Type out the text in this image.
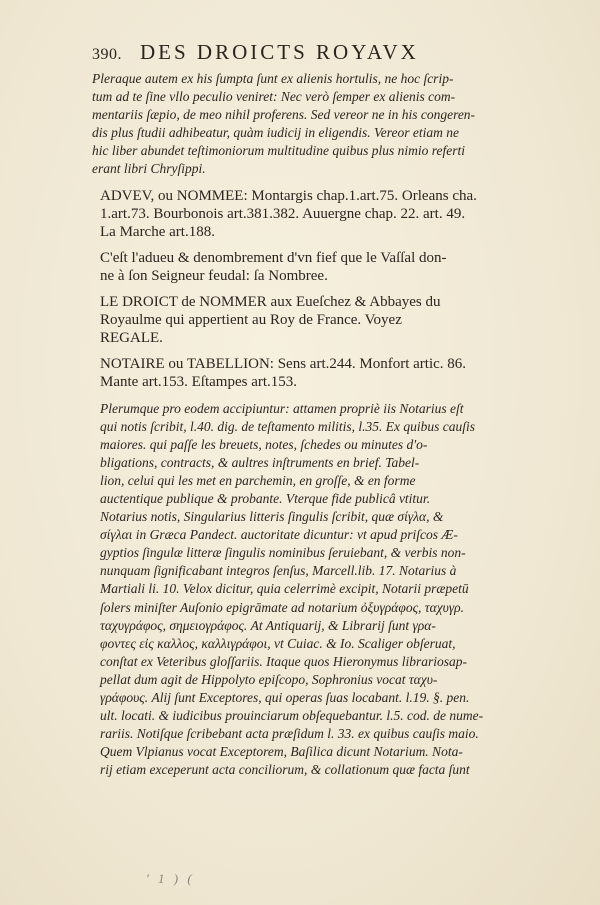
390. DES DROICTS ROYAVX

Pleraque autem ex his ſumpta ſunt ex alienis hortulis, ne hoc ſcrip-

tum ad te ſine vllo peculio veniret: Nec verò ſemper ex alienis com-

mentariis ſæpio, de meo nihil proferens. Sed vereor ne in his congeren-

dis plus ſtudii adhibeatur, quàm iudicij in eligendis. Vereor etiam ne

hic liber abundet teſtimoniorum multitudine quibus plus nimio referti

erant libri Chryſippi.

ADVEV, ou NOMMEE: Montargis chap.1.art.75. Orleans cha.

1.art.73. Bourbonois art.381.382. Auuergne chap. 22. art. 49.

La Marche art.188.

C'eſt l'adueu & denombrement d'vn fief que le Vaſſal don-

ne à ſon Seigneur feudal: ſa Nombree.

LE DROICT de NOMMER aux Eueſchez & Abbayes du

Royaulme qui appertient au Roy de France. Voyez

REGALE.

NOTAIRE ou TABELLION: Sens art.244. Monfort artic. 86.

Mante art.153. Eſtampes art.153.

Plerumque pro eodem accipiuntur: attamen propriè iis Notarius eſt

qui notis ſcribit, l.40. dig. de teſtamento militis, l.35. Ex quibus cauſis

maiores. qui paſſe les breuets, notes, ſchedes ou minutes d'o-

bligations, contracts, & aultres inſtruments en brief. Tabel-

lion, celui qui les met en parchemin, en groſſe, & en forme

auctentique publique & probante. Vterque fide publicâ vtitur.

Notarius notis, Singularius litteris ſingulis ſcribit, quæ σίγλα, &

σίγλαι in Græca Pandect. auctoritate dicuntur: vt apud priſcos Æ-

gyptios ſingulæ litteræ ſingulis nominibus ſeruiebant, & verbis non-

nunquam ſignificabant integros ſenſus, Marcell.lib. 17. Notarius à

Martiali li. 10. Velox dicitur, quia celerrimè excipit, Notarii præpetū

ſolers miniſter Auſonio epigrāmate ad notarium ὀξυγράφος, ταχυγρ.

ταχυγράφος, σημειογράφος. At Antiquarij, & Librarij ſunt γρα-

φοντες εἰς καλλος, καλλιγράφοι, vt Cuiac. & Io. Scaliger obſeruat,

conſtat ex Veteribus gloſſariis. Itaque quos Hieronymus librariosap-

pellat dum agit de Hippolyto epiſcopo, Sophronius vocat ταχυ-

γράφους. Alij ſunt Exceptores, qui operas ſuas locabant. l.19. §. pen.

ult. locati. & iudicibus prouinciarum obſequebantur. l.5. cod. de nume-

rariis. Notiſque ſcribebant acta præſidum l. 33. ex quibus cauſis maio.

Quem Vlpianus vocat Exceptorem, Baſilica dicunt Notarium. Nota-

rij etiam exceperunt acta conciliorum, & collationum quæ facta ſunt

' 1 ) (
